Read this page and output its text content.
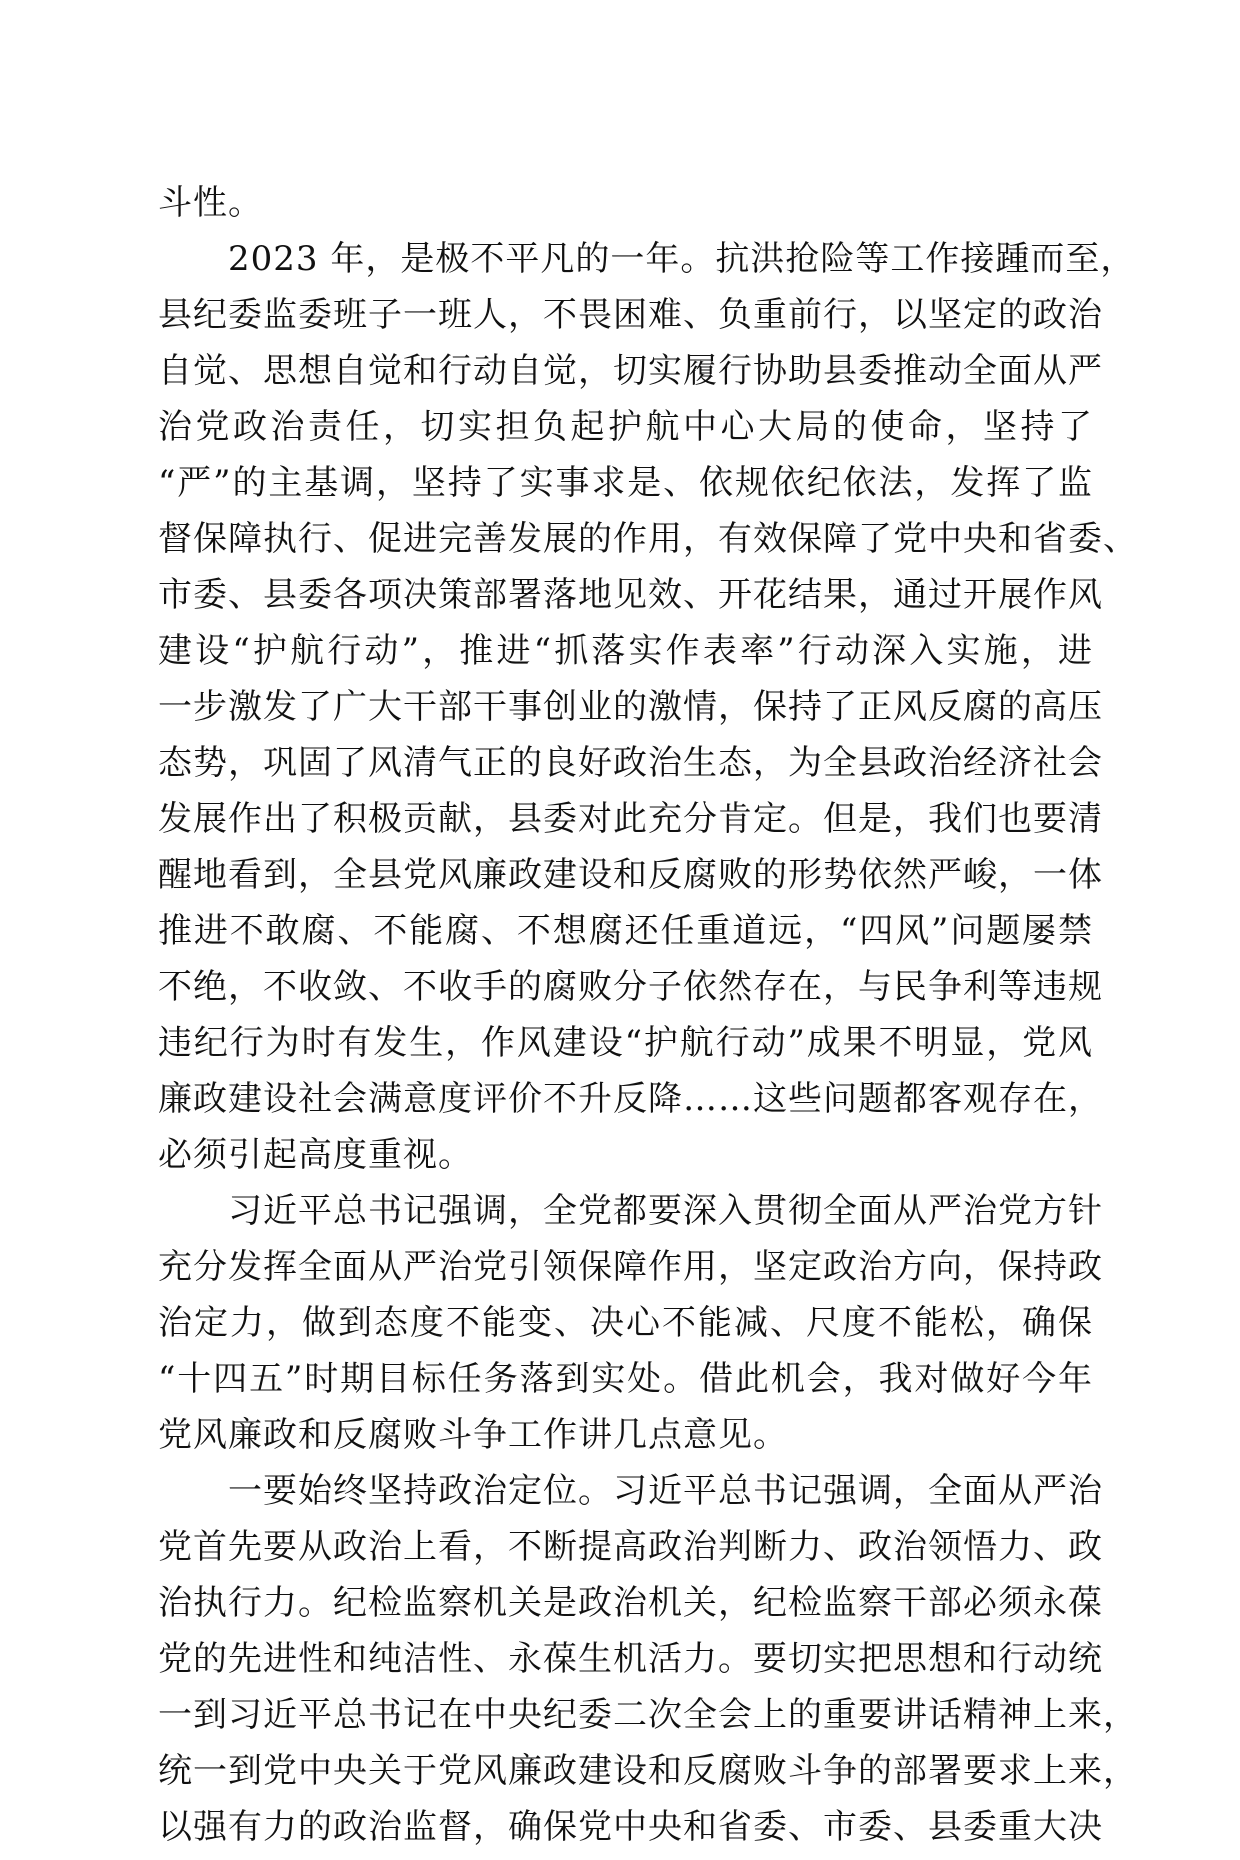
斗性。
2023 年，是极不平凡的一年。抗洪抢险等工作接踵而至，
县纪委监委班子一班人，不畏困难、负重前行，以坚定的政治
自觉、思想自觉和行动自觉，切实履行协助县委推动全面从严
治党政治责任，切实担负起护航中心大局的使命，坚持了
“严”的主基调，坚持了实事求是、依规依纪依法，发挥了监
督保障执行、促进完善发展的作用，有效保障了党中央和省委、
市委、县委各项决策部署落地见效、开花结果，通过开展作风
建设“护航行动”，推进“抓落实作表率”行动深入实施，进
一步激发了广大干部干事创业的激情，保持了正风反腐的高压
态势，巩固了风清气正的良好政治生态，为全县政治经济社会
发展作出了积极贡献，县委对此充分肯定。但是，我们也要清
醒地看到，全县党风廉政建设和反腐败的形势依然严峻，一体
推进不敢腐、不能腐、不想腐还任重道远，“四风”问题屡禁
不绝，不收敛、不收手的腐败分子依然存在，与民争利等违规
违纪行为时有发生，作风建设“护航行动”成果不明显，党风
廉政建设社会满意度评价不升反降……这些问题都客观存在，
必须引起高度重视。
习近平总书记强调，全党都要深入贯彻全面从严治党方针
充分发挥全面从严治党引领保障作用，坚定政治方向，保持政
治定力，做到态度不能变、决心不能减、尺度不能松，确保
“十四五”时期目标任务落到实处。借此机会，我对做好今年
党风廉政和反腐败斗争工作讲几点意见。
一要始终坚持政治定位。习近平总书记强调，全面从严治
党首先要从政治上看，不断提高政治判断力、政治领悟力、政
治执行力。纪检监察机关是政治机关，纪检监察干部必须永葆
党的先进性和纯洁性、永葆生机活力。要切实把思想和行动统
一到习近平总书记在中央纪委二次全会上的重要讲话精神上来，
统一到党中央关于党风廉政建设和反腐败斗争的部署要求上来，
以强有力的政治监督，确保党中央和省委、市委、县委重大决
